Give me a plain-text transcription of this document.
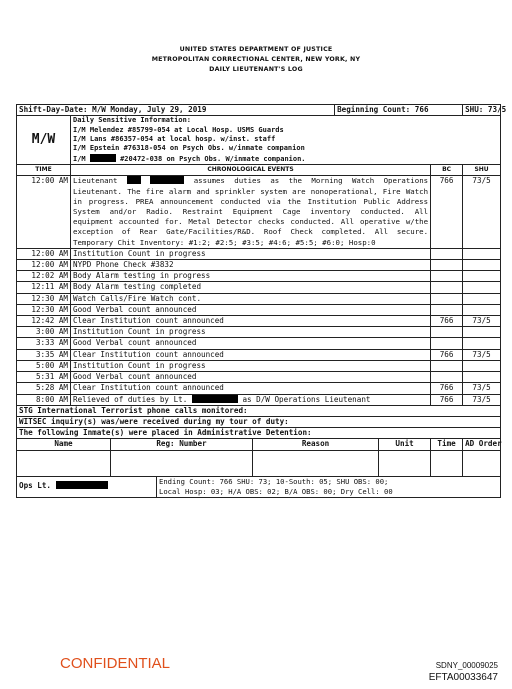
UNITED STATES DEPARTMENT OF JUSTICE
METROPOLITAN CORRECTIONAL CENTER, NEW YORK, NY
DAILY LIEUTENANT'S LOG
Shift-Day-Date: M/W Monday, July 29, 2019					Beginning Count: 766			SHU: 73/5
M/W	Daily Sensitive Information:
I/M Melendez #85799-054 at Local Hosp. USMS Guards
I/M Lans #86357-054 at local hosp. w/inst. staff
I/M Epstein #76318-054 on Psych Obs. w/inmate companion
I/M #20472-038 on Psych Obs. W/inmate companion.							

TIME	CHRONOLOGICAL EVENTS						BC	SHU
12:00 AM	Lieutenant assumes duties as the Morning Watch Operations Lieutenant. The fire alarm and sprinkler system are nonoperational, Fire Watch in progress. PREA announcement conducted via the Institution Public Address System and/or Radio. Restraint Equipment Cage inventory conducted. All equipment accounted for. Metal Detector checks conducted. All operative w/the exception of Rear Gate/Facilities/R&D. Roof Check completed. All secure. Temporary Chit Inventory: #1:2; #2:5; #3:5; #4:6; #5:5; #6:0; Hosp:0						766	73/5
12:00 AM	Institution Count in progress							
12:00 AM	NYPD Phone Check #3832							
12:02 AM	Body Alarm testing in progress							
12:11 AM	Body Alarm testing completed							
12:30 AM	Watch Calls/Fire Watch cont.							
12:30 AM	Good Verbal count announced							
12:42 AM	Clear Institution count announced						766	73/5
3:00 AM	Institution Count in progress							
3:33 AM	Good Verbal count announced							
3:35 AM	Clear Institution count announced						766	73/5
5:00 AM	Institution Count in progress							
5:31 AM	Good Verbal count announced							
5:28 AM	Clear Institution count announced						766	73/5
8:00 AM	Relieved of duties by Lt. as D/W Operations Lieutenant						766	73/5
STG International Terrorist phone calls monitored:								
WITSEC inquiry(s) was/were received during my tour of duty:								
The following Inmate(s) were placed in Administrative Detention:								
Name		Reg: Number		Reason		Unit	Time	AD Order

Ops Lt.			Ending Count: 766 SHU: 73; 10-South: 05; SHU OBS: 00;
Local Hosp: 03; H/A OBS: 02; B/A OBS: 00; Dry Cell: 00					
CONFIDENTIAL	SDNY_00009025
EFTA00033647
